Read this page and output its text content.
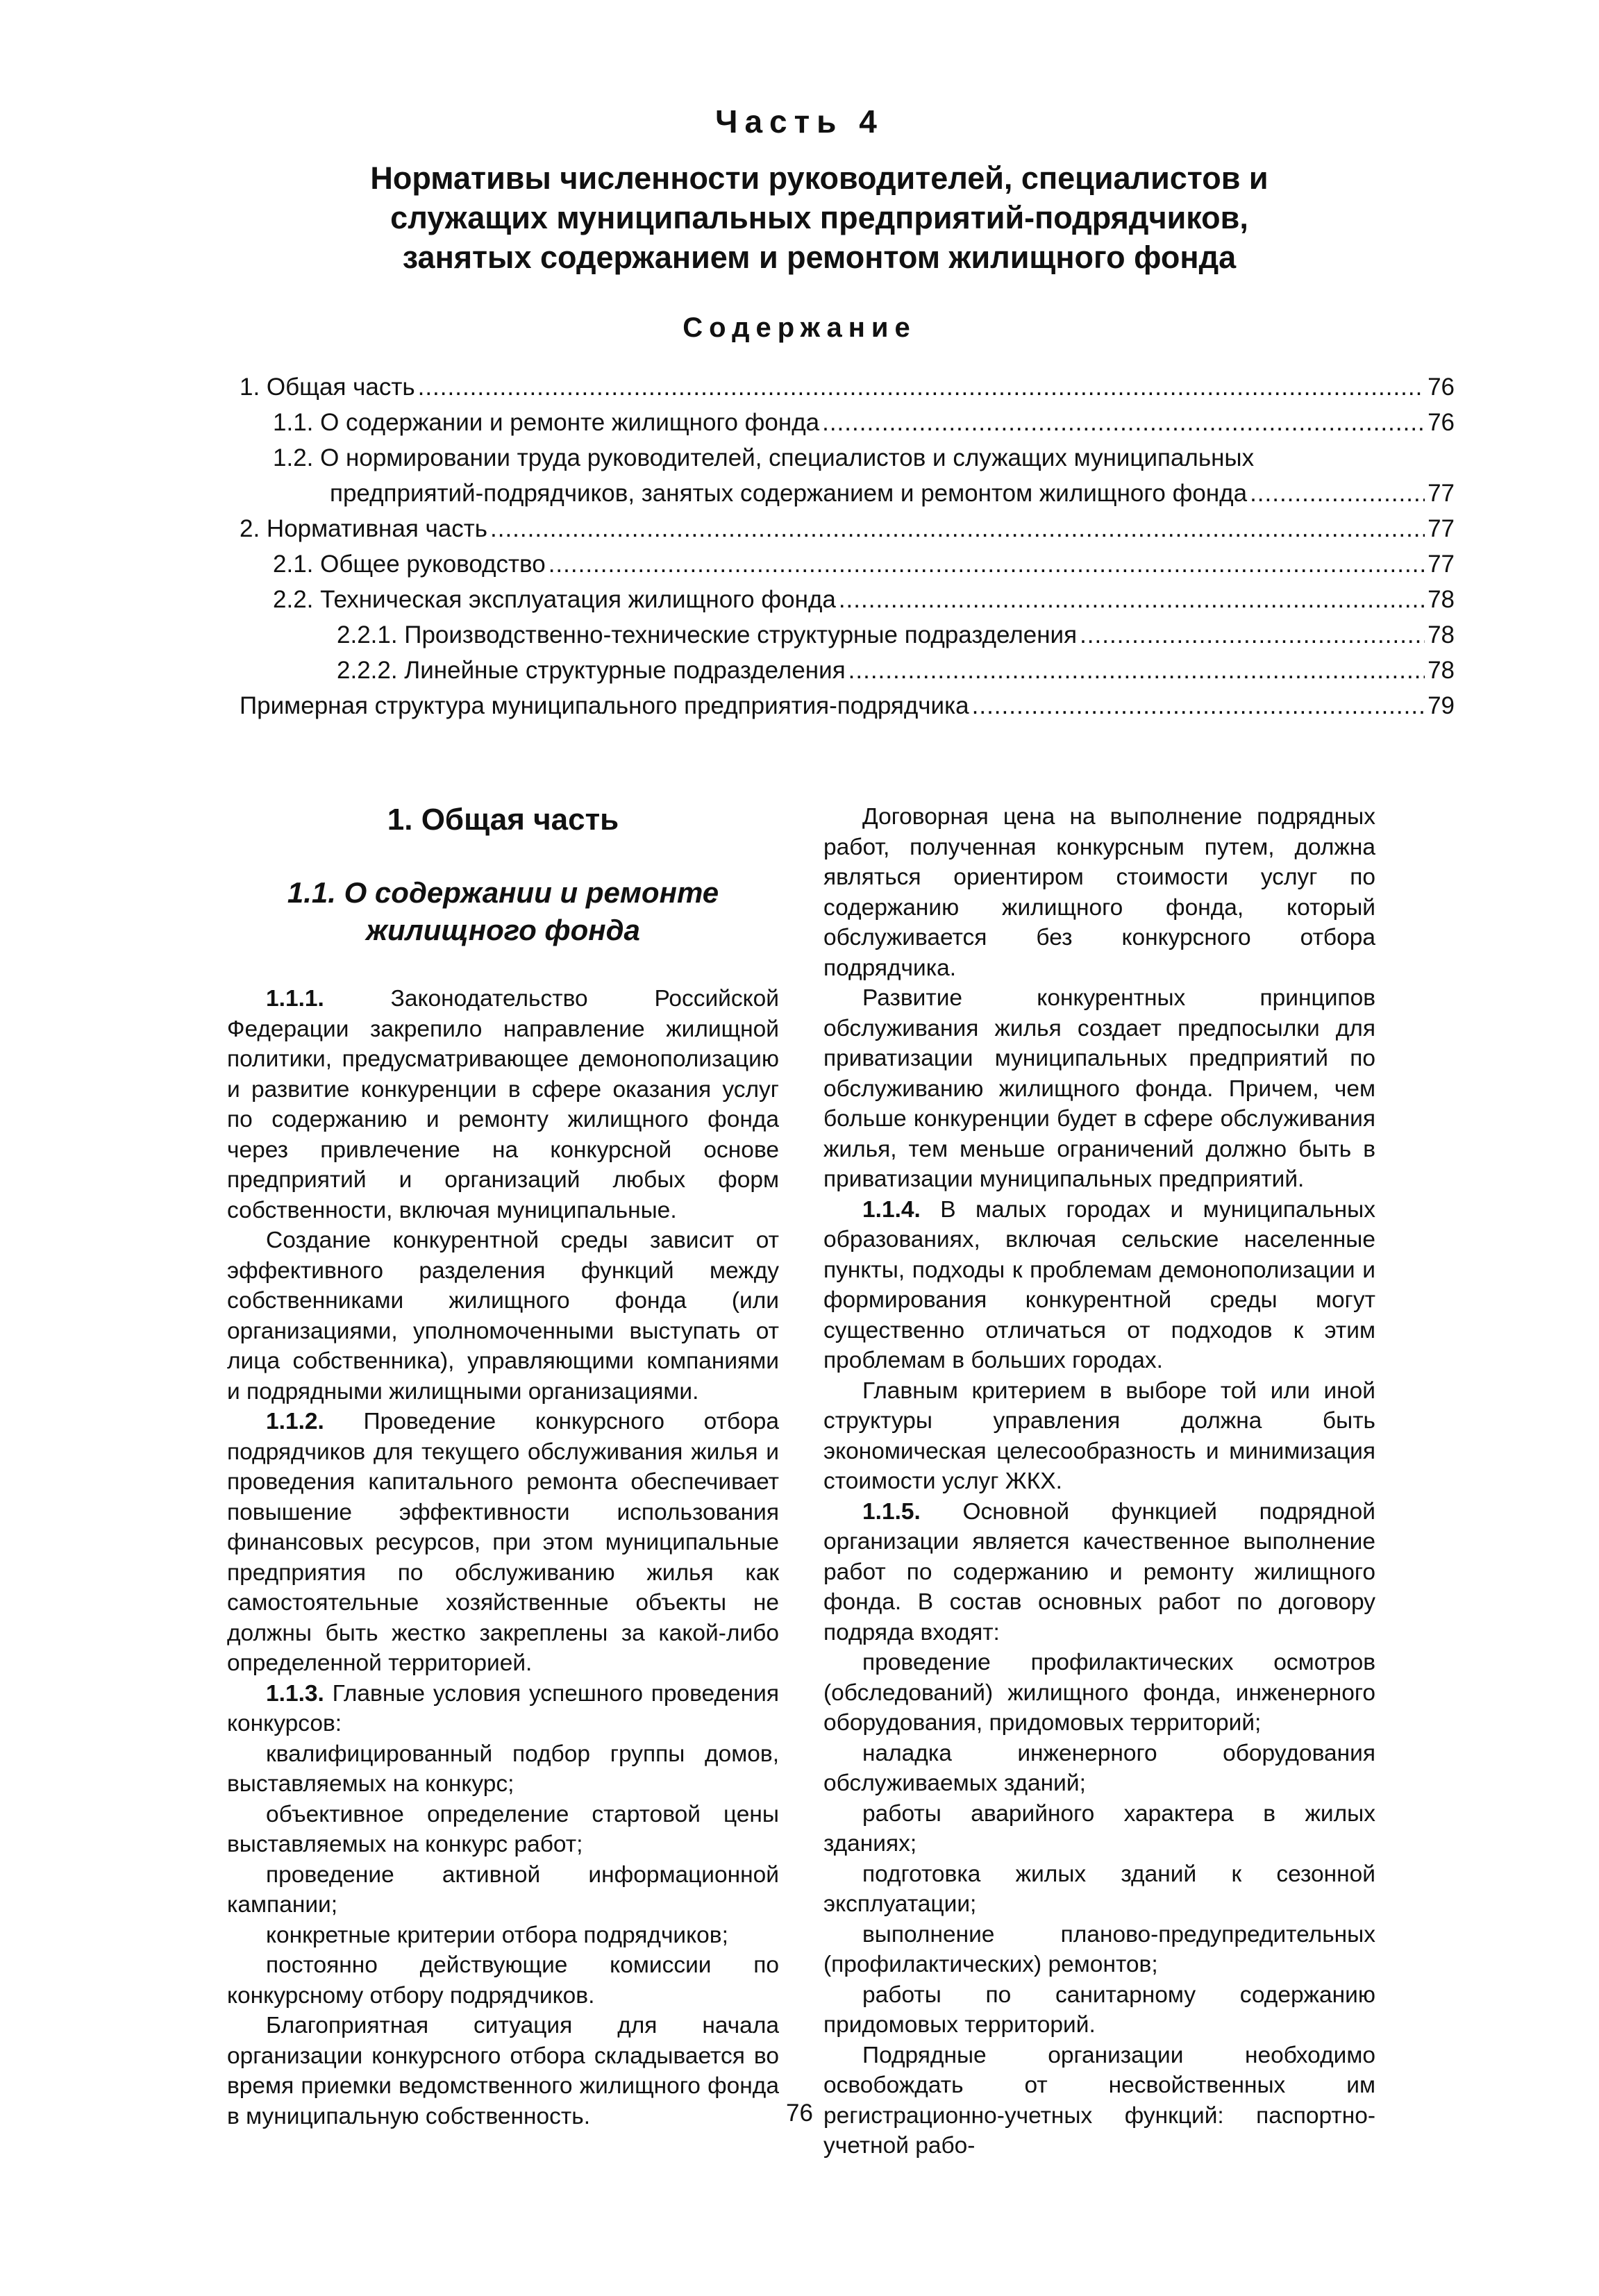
Часть 4
Нормативы численности руководителей, специалистов и
служащих муниципальных предприятий-подрядчиков,
занятых содержанием и ремонтом жилищного фонда
Содержание
1. Общая часть .....	76
1.1. О содержании и ремонте жилищного фонда .....	76
1.2. О нормировании труда руководителей, специалистов и служащих муниципальных
предприятий-подрядчиков, занятых содержанием и ремонтом жилищного фонда .....	77
2. Нормативная часть .....	77
2.1. Общее руководство .....	77
2.2. Техническая эксплуатация жилищного фонда .....	78
2.2.1. Производственно-технические структурные подразделения .....	78
2.2.2. Линейные структурные подразделения .....	78
Примерная структура муниципального предприятия-подрядчика .....	79
1. Общая часть
1.1. О содержании и ремонте
жилищного фонда

1.1.1. Законодательство Российской Федерации закрепило направление жилищной политики, предусматривающее демонополизацию и развитие конкуренции в сфере оказания услуг по содержанию и ремонту жилищного фонда через привлечение на конкурсной основе предприятий и организаций любых форм собственности, включая муниципальные.

Создание конкурентной среды зависит от эффективного разделения функций между собственниками жилищного фонда (или организациями, уполномоченными выступать от лица собственника), управляющими компаниями и подрядными жилищными организациями.

1.1.2. Проведение конкурсного отбора подрядчиков для текущего обслуживания жилья и проведения капитального ремонта обеспечивает повышение эффективности использования финансовых ресурсов, при этом муниципальные предприятия по обслуживанию жилья как самостоятельные хозяйственные объекты не должны быть жестко закреплены за какой-либо определенной территорией.

1.1.3. Главные условия успешного проведения конкурсов:

квалифицированный подбор группы домов, выставляемых на конкурс;

объективное определение стартовой цены выставляемых на конкурс работ;

проведение активной информационной кампании;

конкретные критерии отбора подрядчиков;

постоянно действующие комиссии по конкурсному отбору подрядчиков.

Благоприятная ситуация для начала организации конкурсного отбора складывается во время приемки ведомственного жилищного фонда в муниципальную собственность.

Договорная цена на выполнение подрядных работ, полученная конкурсным путем, должна являться ориентиром стоимости услуг по содержанию жилищного фонда, который обслуживается без конкурсного отбора подрядчика.

Развитие конкурентных принципов обслуживания жилья создает предпосылки для приватизации муниципальных предприятий по обслуживанию жилищного фонда. Причем, чем больше конкуренции будет в сфере обслуживания жилья, тем меньше ограничений должно быть в приватизации муниципальных предприятий.

1.1.4. В малых городах и муниципальных образованиях, включая сельские населенные пункты, подходы к проблемам демонополизации и формирования конкурентной среды могут существенно отличаться от подходов к этим проблемам в больших городах.

Главным критерием в выборе той или иной структуры управления должна быть экономическая целесообразность и минимизация стоимости услуг ЖКХ.

1.1.5. Основной функцией подрядной организации является качественное выполнение работ по содержанию и ремонту жилищного фонда. В состав основных работ по договору подряда входят:

проведение профилактических осмотров (обследований) жилищного фонда, инженерного оборудования, придомовых территорий;

наладка инженерного оборудования обслуживаемых зданий;

работы аварийного характера в жилых зданиях;

подготовка жилых зданий к сезонной эксплуатации;

выполнение планово-предупредительных (профилактических) ремонтов;

работы по санитарному содержанию придомовых территорий.

Подрядные организации необходимо освобождать от несвойственных им регистрационно-учетных функций: паспортно-учетной рабо-

76
